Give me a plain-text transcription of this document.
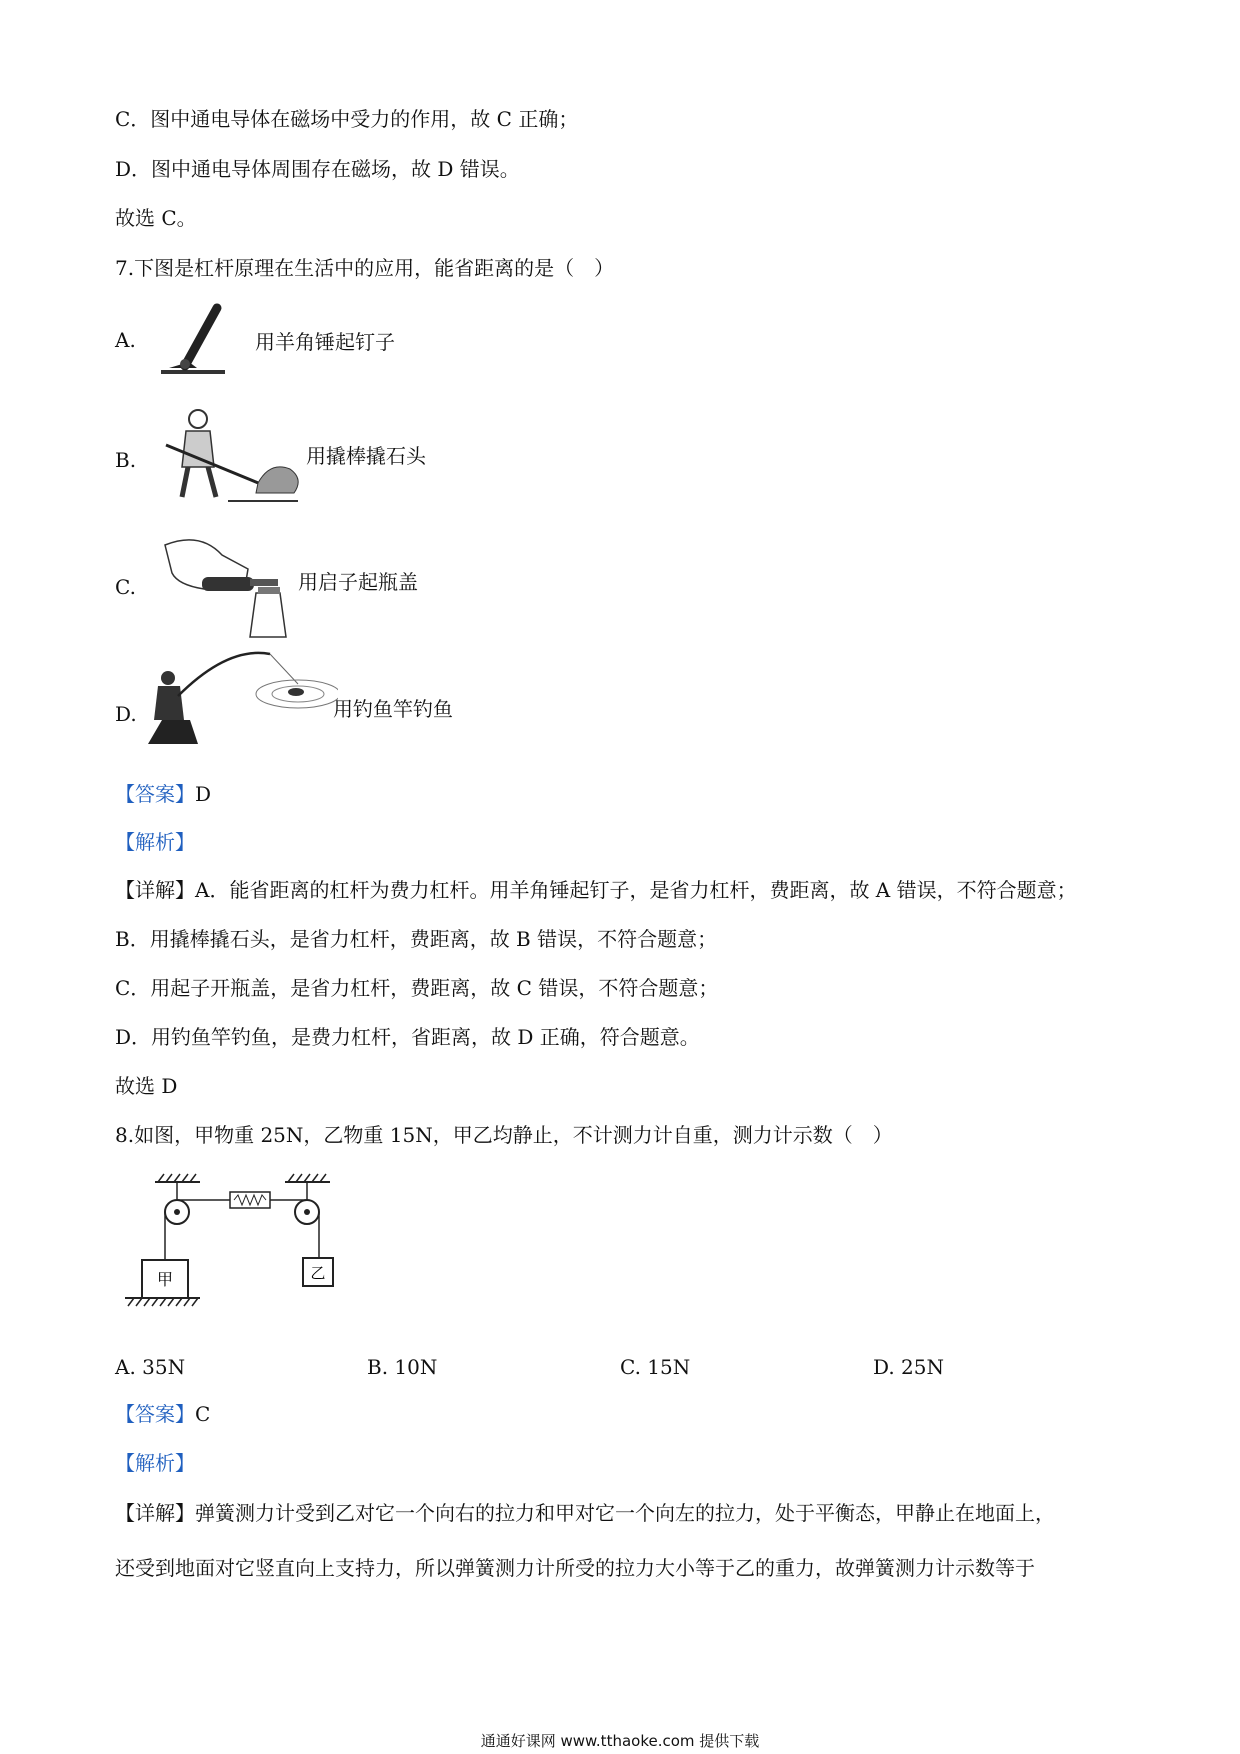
C．图中通电导体在磁场中受力的作用，故 C 正确；
D．图中通电导体周围存在磁场，故 D 错误。
故选 C。
7.下图是杠杆原理在生活中的应用，能省距离的是（　）
A.	用羊角锤起钉子
B.	用撬棒撬石头
C.	用启子起瓶盖
D.	用钓鱼竿钓鱼
【答案】D
【解析】
【详解】A．能省距离的杠杆为费力杠杆。用羊角锤起钉子，是省力杠杆，费距离，故 A 错误，不符合题意；
B．用撬棒撬石头，是省力杠杆，费距离，故 B 错误，不符合题意；
C．用起子开瓶盖，是省力杠杆，费距离，故 C 错误，不符合题意；
D．用钓鱼竿钓鱼，是费力杠杆，省距离，故 D 正确，符合题意。
故选 D
8.如图，甲物重 25N，乙物重 15N，甲乙均静止，不计测力计自重，测力计示数（　）
甲	乙
A. 35N	B. 10N	C. 15N	D. 25N
【答案】C
【解析】
【详解】弹簧测力计受到乙对它一个向右的拉力和甲对它一个向左的拉力，处于平衡态，甲静止在地面上，
还受到地面对它竖直向上支持力，所以弹簧测力计所受的拉力大小等于乙的重力，故弹簧测力计示数等于
通通好课网 www.tthaoke.com 提供下载
